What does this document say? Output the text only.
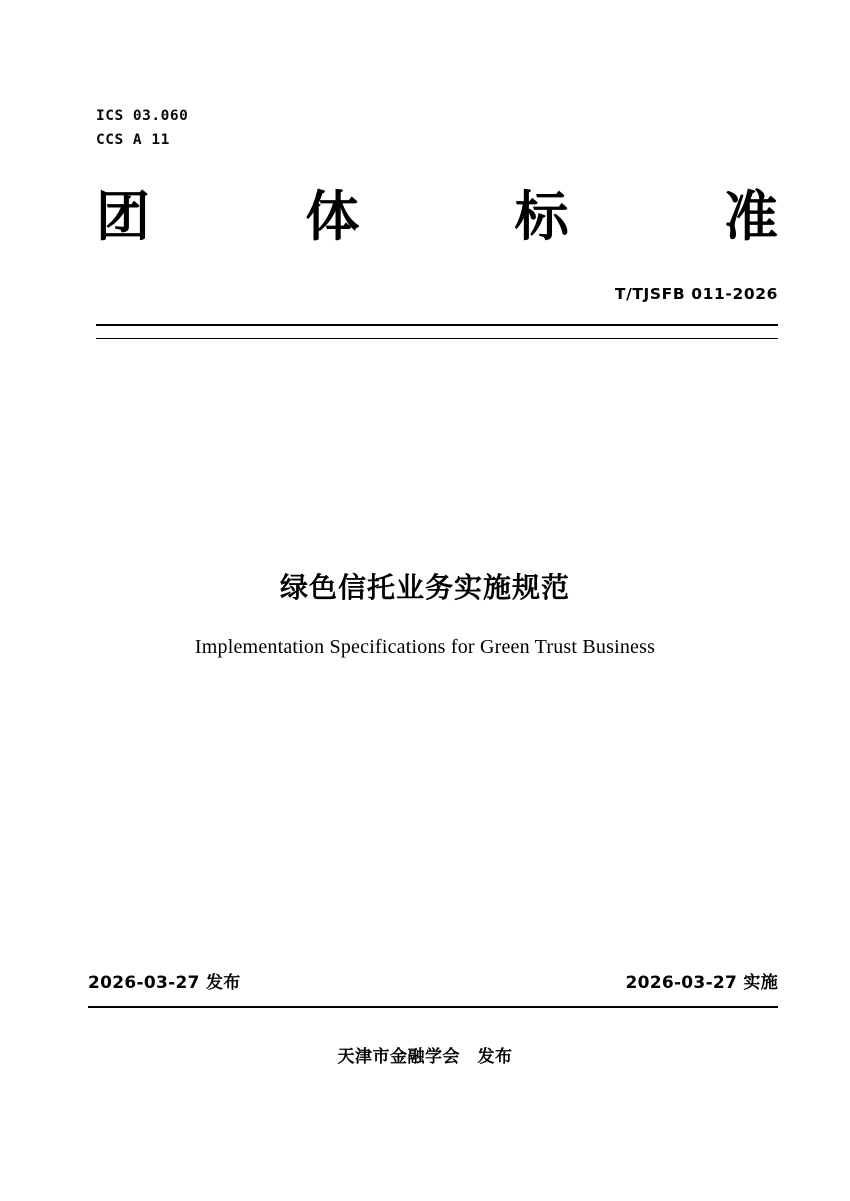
ICS 03.060
CCS A 11
团	体	标	准
T/TJSFB 011-2026
绿色信托业务实施规范
Implementation Specifications for Green Trust Business
2026-03-27 发布	2026-03-27 实施
天津市金融学会　发布
